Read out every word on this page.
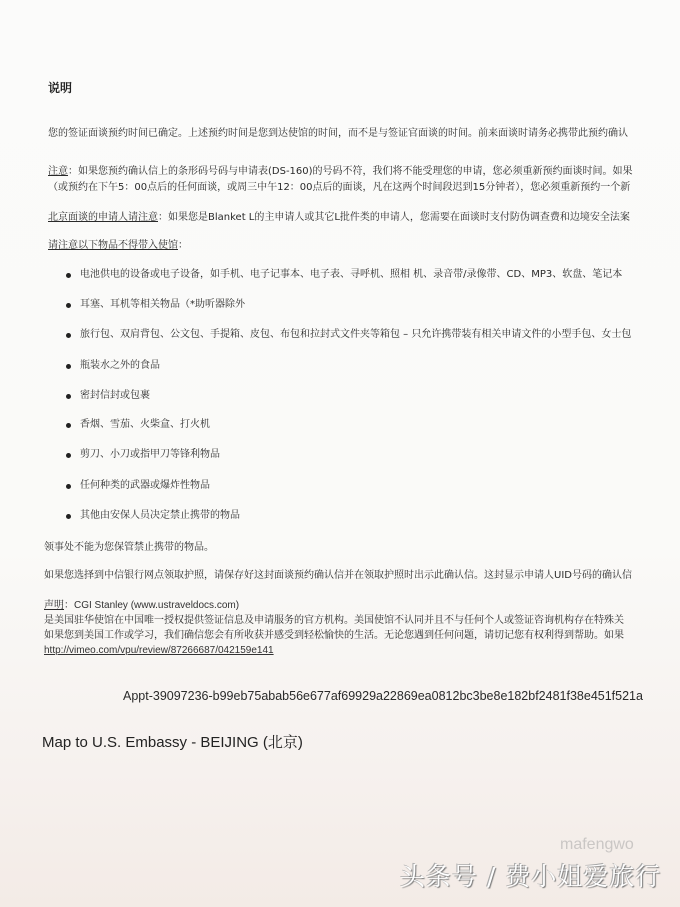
说明
您的签证面谈预约时间已确定。上述预约时间是您到达使馆的时间，而不是与签证官面谈的时间。前来面谈时请务必携带此预约确认
注意：如果您预约确认信上的条形码号码与申请表(DS-160)的号码不符，我们将不能受理您的申请，您必须重新预约面谈时间。如果
（或预约在下午5：00点后的任何面谈，或周三中午12：00点后的面谈，凡在这两个时间段迟到15分钟者），您必须重新预约一个新
北京面谈的申请人请注意：如果您是Blanket L的主申请人或其它L批件类的申请人，您需要在面谈时支付防伪调查费和边境安全法案
请注意以下物品不得带入使馆：
电池供电的设备或电子设备，如手机、电子记事本、电子表、寻呼机、照相 机、录音带/录像带、CD、MP3、软盘、笔记本
耳塞、耳机等相关物品（*助听器除外
旅行包、双肩背包、公文包、手提箱、皮包、布包和拉封式文件夹等箱包 – 只允许携带装有相关申请文件的小型手包、女士包
瓶装水之外的食品
密封信封或包裹
香烟、雪茄、火柴盒、打火机
剪刀、小刀或指甲刀等锋利物品
任何种类的武器或爆炸性物品
其他由安保人员决定禁止携带的物品
领事处不能为您保管禁止携带的物品。
如果您选择到中信银行网点领取护照，请保存好这封面谈预约确认信并在领取护照时出示此确认信。这封显示申请人UID号码的确认信
声明：CGI Stanley (www.ustraveldocs.com)
是美国驻华使馆在中国唯一授权提供签证信息及申请服务的官方机构。美国使馆不认同并且不与任何个人或签证咨询机构存在特殊关
如果您到美国工作或学习，我们确信您会有所收获并感受到轻松愉快的生活。无论您遇到任何问题，请切记您有权利得到帮助。如果
http://vimeo.com/vpu/review/87266687/042159e141
Appt-39097236-b99eb75abab56e677af69929a22869ea0812bc3be8e182bf2481f38e451f521a
Map to U.S. Embassy - BEIJING (北京)
mafengwo
头条号 / 费小姐爱旅行
